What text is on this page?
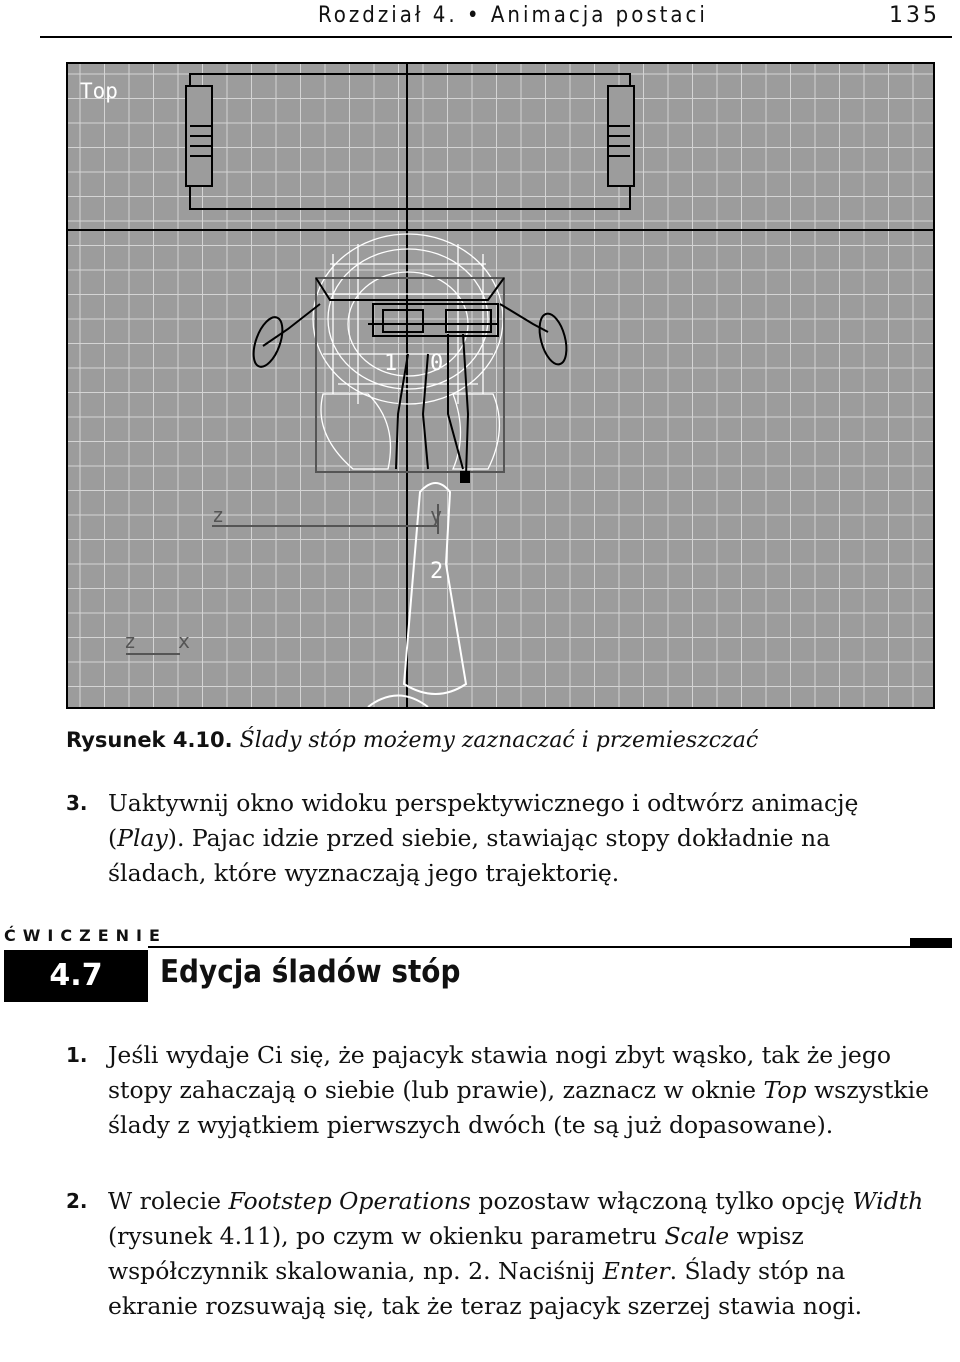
Rozdział 4. • Animacja postaci	135
Top
1 0
2
z	y
z x
Rysunek 4.10. Ślady stóp możemy zaznaczać i przemieszczać
3. Uaktywnij okno widoku perspektywicznego i odtwórz animację (Play). Pajac idzie przed siebie, stawiając stopy dokładnie na śladach, które wyznaczają jego trajektorię.
ĆWICZENIE
4.7	Edycja śladów stóp
1. Jeśli wydaje Ci się, że pajacyk stawia nogi zbyt wąsko, tak że jego stopy zahaczają o siebie (lub prawie), zaznacz w oknie Top wszystkie ślady z wyjątkiem pierwszych dwóch (te są już dopasowane).
2. W rolecie Footstep Operations pozostaw włączoną tylko opcję Width (rysunek 4.11), po czym w okienku parametru Scale wpisz współczynnik skalowania, np. 2. Naciśnij Enter. Ślady stóp na ekranie rozsuwają się, tak że teraz pajacyk szerzej stawia nogi.
